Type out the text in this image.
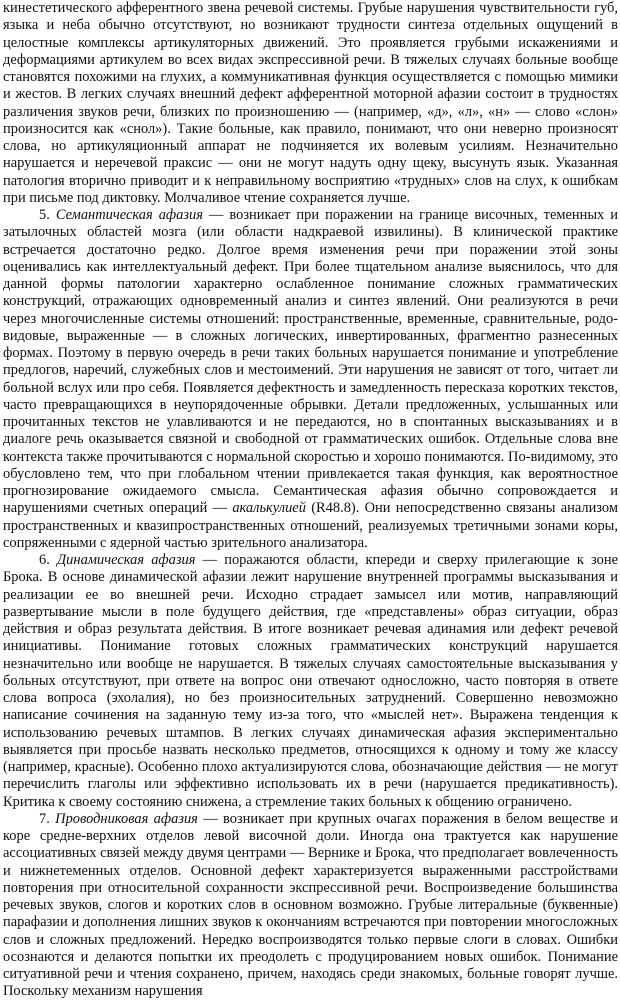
кинестетического афферентного звена речевой системы. Грубые нарушения чувствительности губ, языка и неба обычно отсутствуют, но возникают трудности синтеза отдельных ощущений в целостные комплексы артикуляторных движений. Это проявляется грубыми искажениями и деформациями артикулем во всех видах экспрессивной речи. В тяжелых случаях больные вообще становятся похожими на глухих, а коммуникативная функция осуществляется с помощью мимики и жестов. В легких случаях внешний дефект афферентной моторной афазии состоит в трудностях различения звуков речи, близких по произношению — (например, «д», «л», «н» — слово «слон» произносится как «снол»). Такие больные, как правило, понимают, что они неверно произносят слова, но артикуляционный аппарат не подчиняется их волевым усилиям. Незначительно нарушается и неречевой праксис — они не могут надуть одну щеку, высунуть язык. Указанная патология вторично приводит и к неправильному восприятию «трудных» слов на слух, к ошибкам при письме под диктовку. Молчаливое чтение сохраняется лучше.

5. Семантическая афазия — возникает при поражении на границе височных, теменных и затылочных областей мозга (или области надкраевой извилины). В клинической практике встречается достаточно редко. Долгое время изменения речи при поражении этой зоны оценивались как интеллектуальный дефект. При более тщательном анализе выяснилось, что для данной формы патологии характерно ослабленное понимание сложных грамматических конструкций, отражающих одновременный анализ и синтез явлений. Они реализуются в речи через многочисленные системы отношений: пространственные, временные, сравнительные, родо-видовые, выраженные — в сложных логических, инвертированных, фрагментно разнесенных формах. Поэтому в первую очередь в речи таких больных нарушается понимание и употребление предлогов, наречий, служебных слов и местоимений. Эти нарушения не зависят от того, читает ли больной вслух или про себя. Появляется дефектность и замедленность пересказа коротких текстов, часто превращающихся в неупорядоченные обрывки. Детали предложенных, услышанных или прочитанных текстов не улавливаются и не передаются, но в спонтанных высказываниях и в диалоге речь оказывается связной и свободной от грамматических ошибок. Отдельные слова вне контекста также прочитываются с нормальной скоростью и хорошо понимаются. По-видимому, это обусловлено тем, что при глобальном чтении привлекается такая функция, как вероятностное прогнозирование ожидаемого смысла. Семантическая афазия обычно сопровождается и нарушениями счетных операций — акалькулией (R48.8). Они непосредственно связаны анализом пространственных и квазипространственных отношений, реализуемых третичными зонами коры, сопряженными с ядерной частью зрительного анализатора.

6. Динамическая афазия — поражаются области, кпереди и сверху прилегающие к зоне Брока. В основе динамической афазии лежит нарушение внутренней программы высказывания и реализации ее во внешней речи. Исходно страдает замысел или мотив, направляющий развертывание мысли в поле будущего действия, где «представлены» образ ситуации, образ действия и образ результата действия. В итоге возникает речевая адинамия или дефект речевой инициативы. Понимание готовых сложных грамматических конструкций нарушается незначительно или вообще не нарушается. В тяжелых случаях самостоятельные высказывания у больных отсутствуют, при ответе на вопрос они отвечают односложно, часто повторяя в ответе слова вопроса (эхолалия), но без произносительных затруднений. Совершенно невозможно написание сочинения на заданную тему из-за того, что «мыслей нет». Выражена тенденция к использованию речевых штампов. В легких случаях динамическая афазия экспериментально выявляется при просьбе назвать несколько предметов, относящихся к одному и тому же классу (например, красные). Особенно плохо актуализируются слова, обозначающие действия — не могут перечислить глаголы или эффективно использовать их в речи (нарушается предикативность). Критика к своему состоянию снижена, а стремление таких больных к общению ограничено.

7. Проводниковая афазия — возникает при крупных очагах поражения в белом веществе и коре средне-верхних отделов левой височной доли. Иногда она трактуется как нарушение ассоциативных связей между двумя центрами — Вернике и Брока, что предполагает вовлеченность и нижнетеменных отделов. Основной дефект характеризуется выраженными расстройствами повторения при относительной сохранности экспрессивной речи. Воспроизведение большинства речевых звуков, слогов и коротких слов в основном возможно. Грубые литеральные (буквенные) парафазии и дополнения лишних звуков к окончаниям встречаются при повторении многосложных слов и сложных предложений. Нередко воспроизводятся только первые слоги в словах. Ошибки осознаются и делаются попытки их преодолеть с продуцированием новых ошибок. Понимание ситуативной речи и чтения сохранено, причем, находясь среди знакомых, больные говорят лучше. Поскольку механизм нарушения
